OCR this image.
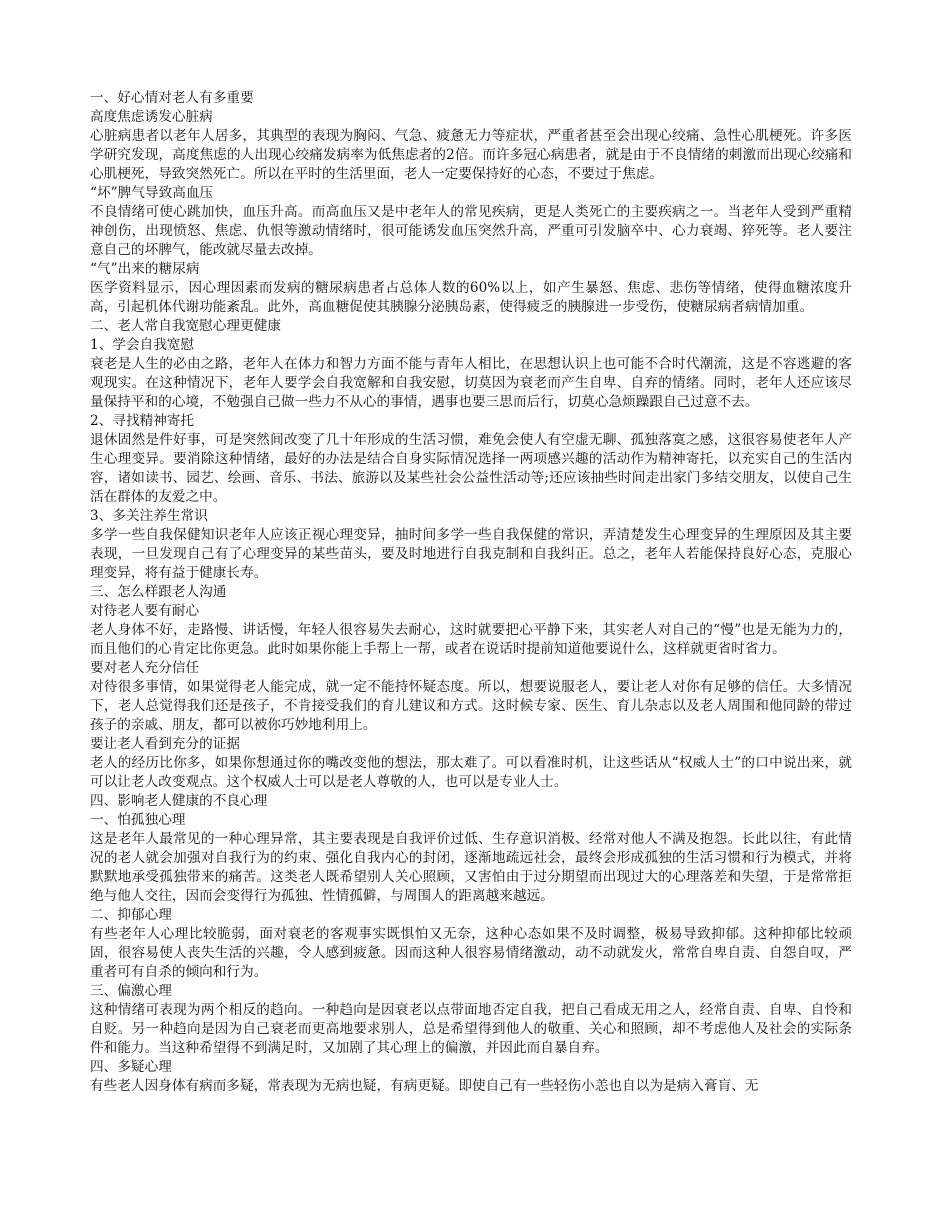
一、好心情对老人有多重要

高度焦虑诱发心脏病

心脏病患者以老年人居多，其典型的表现为胸闷、气急、疲惫无力等症状，严重者甚至会出现心绞痛、急性心肌梗死。许多医学研究发现，高度焦虑的人出现心绞痛发病率为低焦虑者的2倍。而许多冠心病患者，就是由于不良情绪的刺激而出现心绞痛和心肌梗死，导致突然死亡。所以在平时的生活里面，老人一定要保持好的心态，不要过于焦虑。

“坏”脾气导致高血压

不良情绪可使心跳加快，血压升高。而高血压又是中老年人的常见疾病，更是人类死亡的主要疾病之一。当老年人受到严重精神创伤，出现愤怒、焦虑、仇恨等激动情绪时，很可能诱发血压突然升高，严重可引发脑卒中、心力衰竭、猝死等。老人要注意自己的坏脾气，能改就尽量去改掉。

“气”出来的糖尿病

医学资料显示，因心理因素而发病的糖尿病患者占总体人数的60%以上，如产生暴怒、焦虑、悲伤等情绪，使得血糖浓度升高，引起机体代谢功能紊乱。此外，高血糖促使其胰腺分泌胰岛素，使得疲乏的胰腺进一步受伤，使糖尿病者病情加重。

二、老人常自我宽慰心理更健康

1、学会自我宽慰

衰老是人生的必由之路，老年人在体力和智力方面不能与青年人相比，在思想认识上也可能不合时代潮流，这是不容逃避的客观现实。在这种情况下，老年人要学会自我宽解和自我安慰，切莫因为衰老而产生自卑、自弃的情绪。同时，老年人还应该尽量保持平和的心境，不勉强自己做一些力不从心的事情，遇事也要三思而后行，切莫心急烦躁跟自己过意不去。

2、寻找精神寄托

退休固然是件好事，可是突然间改变了几十年形成的生活习惯，难免会使人有空虚无聊、孤独落寞之感，这很容易使老年人产生心理变异。要消除这种情绪，最好的办法是结合自身实际情况选择一两项感兴趣的活动作为精神寄托，以充实自己的生活内容，诸如读书、园艺、绘画、音乐、书法、旅游以及某些社会公益性活动等;还应该抽些时间走出家门多结交朋友，以使自己生活在群体的友爱之中。

3、多关注养生常识

多学一些自我保健知识老年人应该正视心理变异，抽时间多学一些自我保健的常识，弄清楚发生心理变异的生理原因及其主要表现，一旦发现自己有了心理变异的某些苗头，要及时地进行自我克制和自我纠正。总之，老年人若能保持良好心态，克服心理变异，将有益于健康长寿。

三、怎么样跟老人沟通

对待老人要有耐心

老人身体不好，走路慢、讲话慢，年轻人很容易失去耐心，这时就要把心平静下来，其实老人对自己的“慢”也是无能为力的，而且他们的心肯定比你更急。此时如果你能上手帮上一帮，或者在说话时提前知道他要说什么，这样就更省时省力。

要对老人充分信任

对待很多事情，如果觉得老人能完成，就一定不能持怀疑态度。所以，想要说服老人，要让老人对你有足够的信任。大多情况下，老人总觉得我们还是孩子，不肯接受我们的育儿建议和方式。这时候专家、医生、育儿杂志以及老人周围和他同龄的带过孩子的亲戚、朋友，都可以被你巧妙地利用上。

要让老人看到充分的证据

老人的经历比你多，如果你想通过你的嘴改变他的想法，那太难了。可以看准时机，让这些话从“权威人士”的口中说出来，就可以让老人改变观点。这个权威人士可以是老人尊敬的人，也可以是专业人士。

四、影响老人健康的不良心理

一、怕孤独心理

这是老年人最常见的一种心理异常，其主要表现是自我评价过低、生存意识消极、经常对他人不满及抱怨。长此以往，有此情况的老人就会加强对自我行为的约束、强化自我内心的封闭，逐渐地疏远社会，最终会形成孤独的生活习惯和行为模式，并将默默地承受孤独带来的痛苦。这类老人既希望别人关心照顾，又害怕由于过分期望而出现过大的心理落差和失望，于是常常拒绝与他人交往，因而会变得行为孤独、性情孤僻，与周围人的距离越来越远。

二、抑郁心理

有些老年人心理比较脆弱，面对衰老的客观事实既惧怕又无奈，这种心态如果不及时调整，极易导致抑郁。这种抑郁比较顽固，很容易使人丧失生活的兴趣，令人感到疲惫。因而这种人很容易情绪激动，动不动就发火，常常自卑自责、自怨自叹，严重者可有自杀的倾向和行为。

三、偏激心理

这种情绪可表现为两个相反的趋向。一种趋向是因衰老以点带面地否定自我，把自己看成无用之人，经常自责、自卑、自怜和自贬。另一种趋向是因为自己衰老而更高地要求别人，总是希望得到他人的敬重、关心和照顾，却不考虑他人及社会的实际条件和能力。当这种希望得不到满足时，又加剧了其心理上的偏激，并因此而自暴自弃。

四、多疑心理

有些老人因身体有病而多疑，常表现为无病也疑，有病更疑。即使自己有一些轻伤小恙也自以为是病入膏肓、无
